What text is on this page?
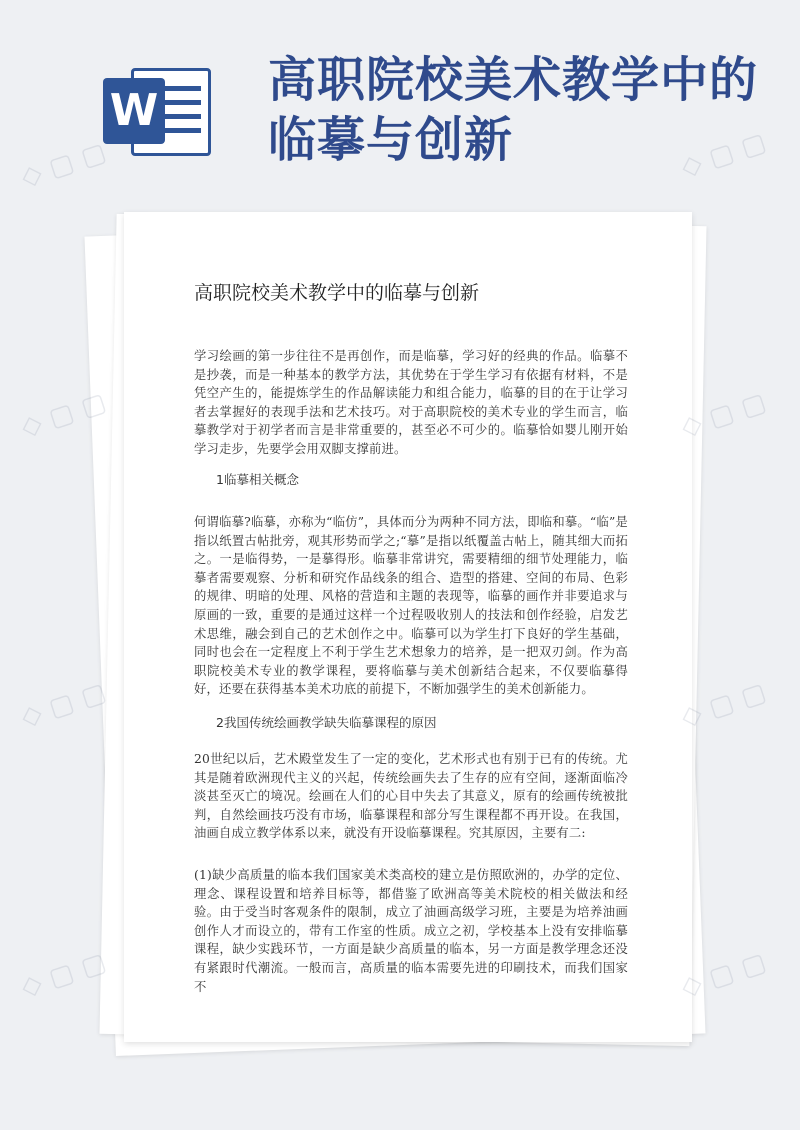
W
高职院校美术教学中的临摹与创新
高职院校美术教学中的临摹与创新
学习绘画的第一步往往不是再创作，而是临摹，学习好的经典的作品。临摹不是抄袭，而是一种基本的教学方法，其优势在于学生学习有依据有材料，不是凭空产生的，能提炼学生的作品解读能力和组合能力，临摹的目的在于让学习者去掌握好的表现手法和艺术技巧。对于高职院校的美术专业的学生而言，临摹教学对于初学者而言是非常重要的，甚至必不可少的。临摹恰如婴儿刚开始学习走步，先要学会用双脚支撑前进。
1临摹相关概念
何谓临摹?临摹，亦称为“临仿”，具体而分为两种不同方法，即临和摹。“临”是指以纸置古帖批旁，观其形势而学之;“摹”是指以纸覆盖古帖上，随其细大而拓之。一是临得势，一是摹得形。临摹非常讲究，需要精细的细节处理能力，临摹者需要观察、分析和研究作品线条的组合、造型的搭建、空间的布局、色彩的规律、明暗的处理、风格的营造和主题的表现等，临摹的画作并非要追求与原画的一致，重要的是通过这样一个过程吸收别人的技法和创作经验，启发艺术思维，融会到自己的艺术创作之中。临摹可以为学生打下良好的学生基础，同时也会在一定程度上不利于学生艺术想象力的培养，是一把双刃剑。作为高职院校美术专业的教学课程，要将临摹与美术创新结合起来，不仅要临摹得好，还要在获得基本美术功底的前提下，不断加强学生的美术创新能力。
2我国传统绘画教学缺失临摹课程的原因
20世纪以后，艺术殿堂发生了一定的变化，艺术形式也有别于已有的传统。尤其是随着欧洲现代主义的兴起，传统绘画失去了生存的应有空间，逐渐面临冷淡甚至灭亡的境况。绘画在人们的心目中失去了其意义，原有的绘画传统被批判，自然绘画技巧没有市场，临摹课程和部分写生课程都不再开设。在我国，油画自成立教学体系以来，就没有开设临摹课程。究其原因，主要有二:
(1)缺少高质量的临本我们国家美术类高校的建立是仿照欧洲的，办学的定位、理念、课程设置和培养目标等，都借鉴了欧洲高等美术院校的相关做法和经验。由于受当时客观条件的限制，成立了油画高级学习班，主要是为培养油画创作人才而设立的，带有工作室的性质。成立之初，学校基本上没有安排临摹课程，缺少实践环节，一方面是缺少高质量的临本，另一方面是教学理念还没有紧跟时代潮流。一般而言，高质量的临本需要先进的印刷技术，而我们国家不
◇ ▢ ▢	◇ ▢ ▢
◇ ▢ ▢	◇ ▢ ▢
◇ ▢ ▢	◇ ▢ ▢
◇ ▢ ▢	◇ ▢ ▢
